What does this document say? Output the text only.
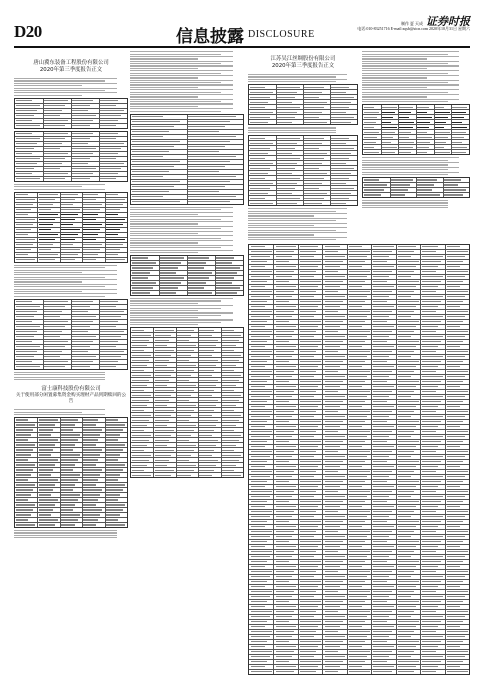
D20	信息披露 DISCLOSURE
制作 夏 天成 证券时报
电话:010-83251716 E-mail:zqsb@stcn.com 2020年10月31日 星期六

唐山冀东装备工程股份有限公司
2020年第三季度报告正文
富士康科技股份有限公司
关于使用部分闲置募集资金购买理财产品到期赎回的公告
江苏吴江丝绸股份有限公司
2020年第三季度报告正文
